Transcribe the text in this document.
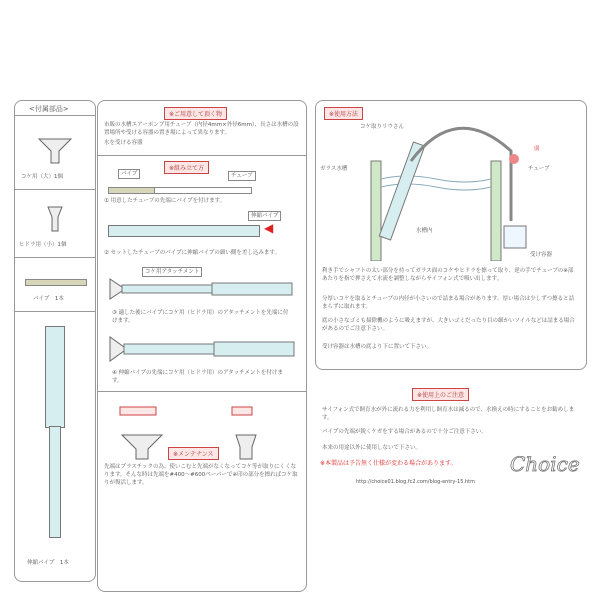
<付属部品>
コケ用（大）1個
ヒドラ用（小）1個
パイプ　1本
伸縮パイプ　1本
※ご用意して頂く物
市販の水槽エアーポンプ用チューブ（内径4mm×外径6mm）、長さは水槽の設置場所や受ける容器の置き場によって異なります。
水を受ける容器
※組み立て方
パイプ	チューブ
① 用意したチューブの先端にパイプを付けます。
伸縮パイプ
◀
② セットしたチューブのパイプに伸縮パイプの細い側を差し込みます。
コケ用アタッチメント
③ 適した後にパイプにコケ用（ヒドラ用）のアタッチメントを先端に付けます。
④ 伸縮パイプの先端にコケ用（ヒドラ用）のアタッチメントを付けます。
※メンテナンス
先端はプラスチックの為、使いこむと先端がなくなってコケ等が取りにくくなります。そんな時は先端を#400〜#600ペーパーで※印の部分を擦ればコケ取りが復活します。
※使用方法
コケ取りリウさん
ガラス水槽	チューブ
弱
水槽内
受け容器
利き手でシャフトの太い部分を持ってガラス面のコケやヒドラを擦って取り、逆の手でチューブの※部あたりを指で押さえて水流を調整しながらサイフォン式で吸い出します。
分厚いコケを取るとチューブの内径が小さいので詰まる場合があります。厚い場合は少しずつ擦ると詰まらずに取れます。
底の小さなゴミも掃除機のように吸えますが、大きいゴミだったり目の細かいソイルなどは詰まる場合があるのでご注意下さい。
受け容器は水槽の底より下に置いて下さい。
※使用上のご注意
サイフォン式で飼育水が外に流れる力を利用し飼育水は減るので、水換えの時にすることをお勧めします。
パイプの先端が鋭くケガをする場合があるので十分ご注意下さい。
本来の用途以外に使用しないで下さい。
※本製品は予告無く仕様が変わる場合があります。	Choice
http://choice01.blog.fc2.com/blog-entry-15.htm
